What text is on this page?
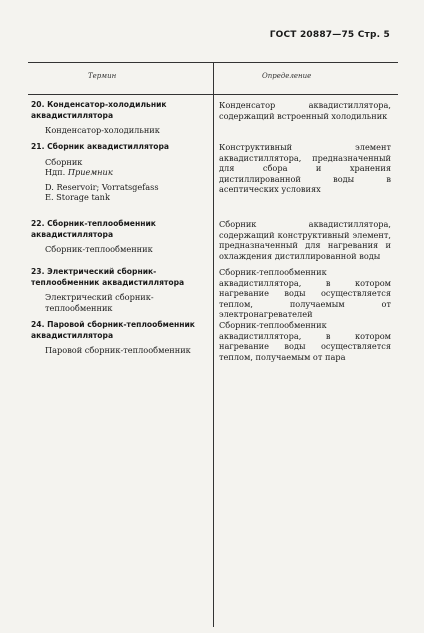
ГОСТ 20887—75 Стр. 5
Термин	Определение
20. Конденсатор-холодильник аквадистиллятора
Конденсатор-холодильник
Конденсатор аквадистиллятора, содержащий встроенный холодильник
21. Сборник аквадистиллятора
Сборник
Ндп. Приемник
D. Reservoir; Vorratsgefass
E. Storage tank
Конструктивный элемент аквадистиллятора, предназначенный для сбора и хранения дистиллированной воды в асептических условиях
22. Сборник-теплообменник аквадистиллятора
Сборник-теплообменник
Сборник аквадистиллятора, содержащий конструктивный элемент, предназначенный для нагревания и охлаждения дистиллированной воды
23. Электрический сборник-теплообменник аквадистиллятора
Электрический сборник-теплообменник
Сборник-теплообменник аквадистиллятора, в котором нагревание воды осуществляется теплом, получаемым от электронагревателей
24. Паровой сборник-теплообменник аквадистиллятора
Паровой сборник-теплообменник
Сборник-теплообменник аквадистиллятора, в котором нагревание воды осуществляется теплом, получаемым от пара
